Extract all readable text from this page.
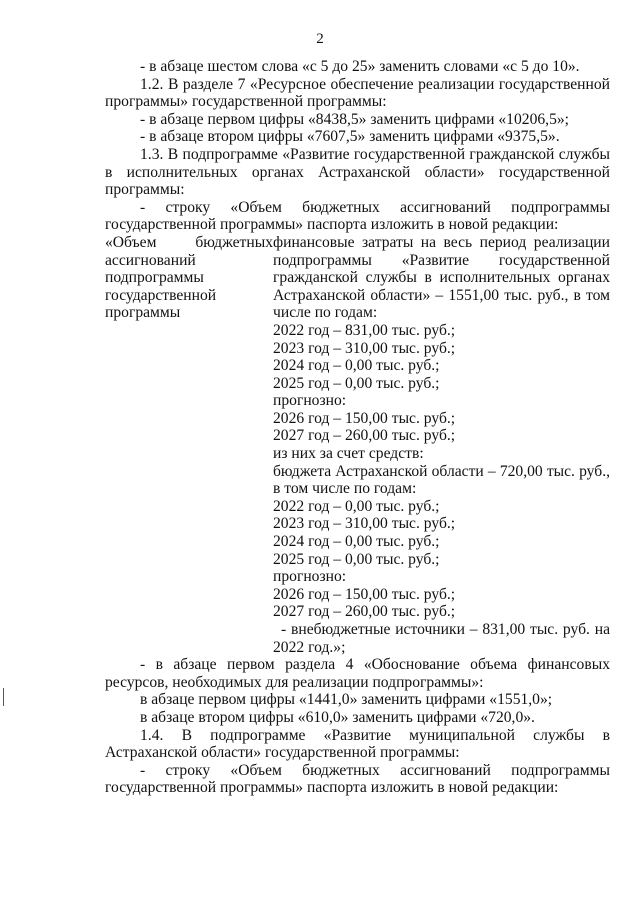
2

- в абзаце шестом слова «с 5 до 25» заменить словами «с 5 до 10».

1.2. В разделе 7 «Ресурсное обеспечение реализации государственной программы» государственной программы:

- в абзаце первом цифры «8438,5» заменить цифрами «10206,5»;

- в абзаце втором цифры «7607,5» заменить цифрами «9375,5».

1.3. В подпрограмме «Развитие государственной гражданской службы в исполнительных органах Астраханской области» государственной программы:

- строку «Объем бюджетных ассигнований подпрограммы государственной программы» паспорта изложить в новой редакции:

«Объем бюджетных ассигнований подпрограммы государственной программы

финансовые затраты на весь период реализации подпрограммы «Развитие государственной гражданской службы в исполнительных органах Астраханской области» – 1551,00 тыс. руб., в том числе по годам:

2022 год – 831,00 тыс. руб.;

2023 год – 310,00 тыс. руб.;

2024 год – 0,00 тыс. руб.;

2025 год – 0,00 тыс. руб.;

прогнозно:

2026 год – 150,00 тыс. руб.;

2027 год – 260,00 тыс. руб.;

из них за счет средств:

бюджета Астраханской области – 720,00 тыс. руб., в том числе по годам:

2022 год – 0,00 тыс. руб.;

2023 год – 310,00 тыс. руб.;

2024 год – 0,00 тыс. руб.;

2025 год – 0,00 тыс. руб.;

прогнозно:

2026 год – 150,00 тыс. руб.;

2027 год – 260,00 тыс. руб.;

- внебюджетные источники – 831,00 тыс. руб. на 2022 год.»;

- в абзаце первом раздела 4 «Обоснование объема финансовых ресурсов, необходимых для реализации подпрограммы»:

в абзаце первом цифры «1441,0» заменить цифрами «1551,0»;

в абзаце втором цифры «610,0» заменить цифрами «720,0».

1.4. В подпрограмме «Развитие муниципальной службы в Астраханской области» государственной программы:

- строку «Объем бюджетных ассигнований подпрограммы государственной программы» паспорта изложить в новой редакции:
